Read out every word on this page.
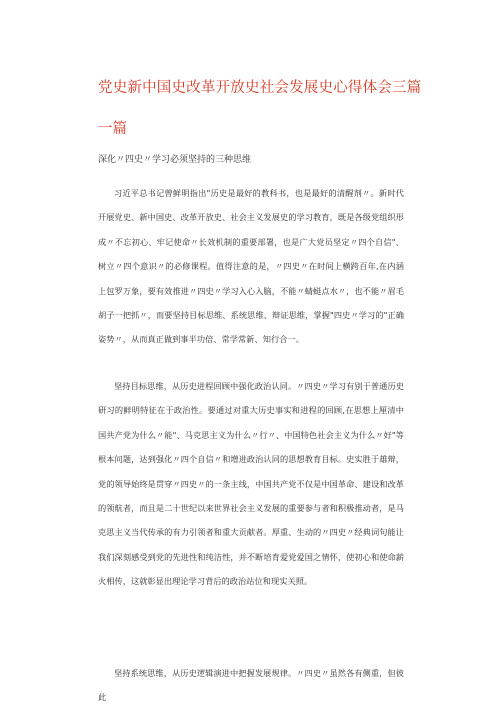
党史新中国史改革开放史社会发展史心得体会三篇
一篇
深化〃四史〃学习必须坚持的三种思维

习近平总书记曾鲜明指出"历史是最好的教科书，也是最好的清醒剂〃。新时代开展党史、新中国史、改革开放史、社会主义发展史的学习教育，既是各级党组织形成〃不忘初心、牢记使命〃长效机制的重要部署，也是广大党员坚定〃四个自信"、树立〃四个意识〃的必修课程。值得注意的是，〃四史〃在时间上横跨百年,在内涵上包罗万象，要有效推进〃四史〃学习入心入脑，不能〃蜻蜓点水〃，也不能〃眉毛胡子一把抓〃，而要坚持目标思维、系统思维、辩证思维，掌握"四史〃学习的"正确姿势〃，从而真正做到事半功倍、常学常新、知行合一。

坚持目标思维，从历史进程回顾中强化政治认同。〃四史〃学习有别于普通历史研习的鲜明特征在于政治性。要通过对重大历史事实和进程的回顾,在思想上厘清中国共产党为什么〃能"、马克思主义为什么〃行〃、中国特色社会主义为什么〃好"等根本问题，达到强化〃四个自信〃和增进政治认同的思想教育目标。史实胜于雄辩，党的领导始终是贯穿〃四史〃的一条主线，中国共产党不仅是中国革命、建设和改革的领航者，而且是二十世纪以来世界社会主义发展的重要参与者和积极推动者，是马克思主义当代传承的有力引领者和重大贡献者。厚重、生动的〃四史〃经典词句能让我们深刻感受到党的先进性和纯洁性，并不断培育爱党爱国之情怀，使初心和使命薪火相传，这就彰显出理论学习背后的政治站位和现实关照。

坚持系统思维，从历史逻辑演进中把握发展规律。〃四史〃虽然各有侧重，但彼此
